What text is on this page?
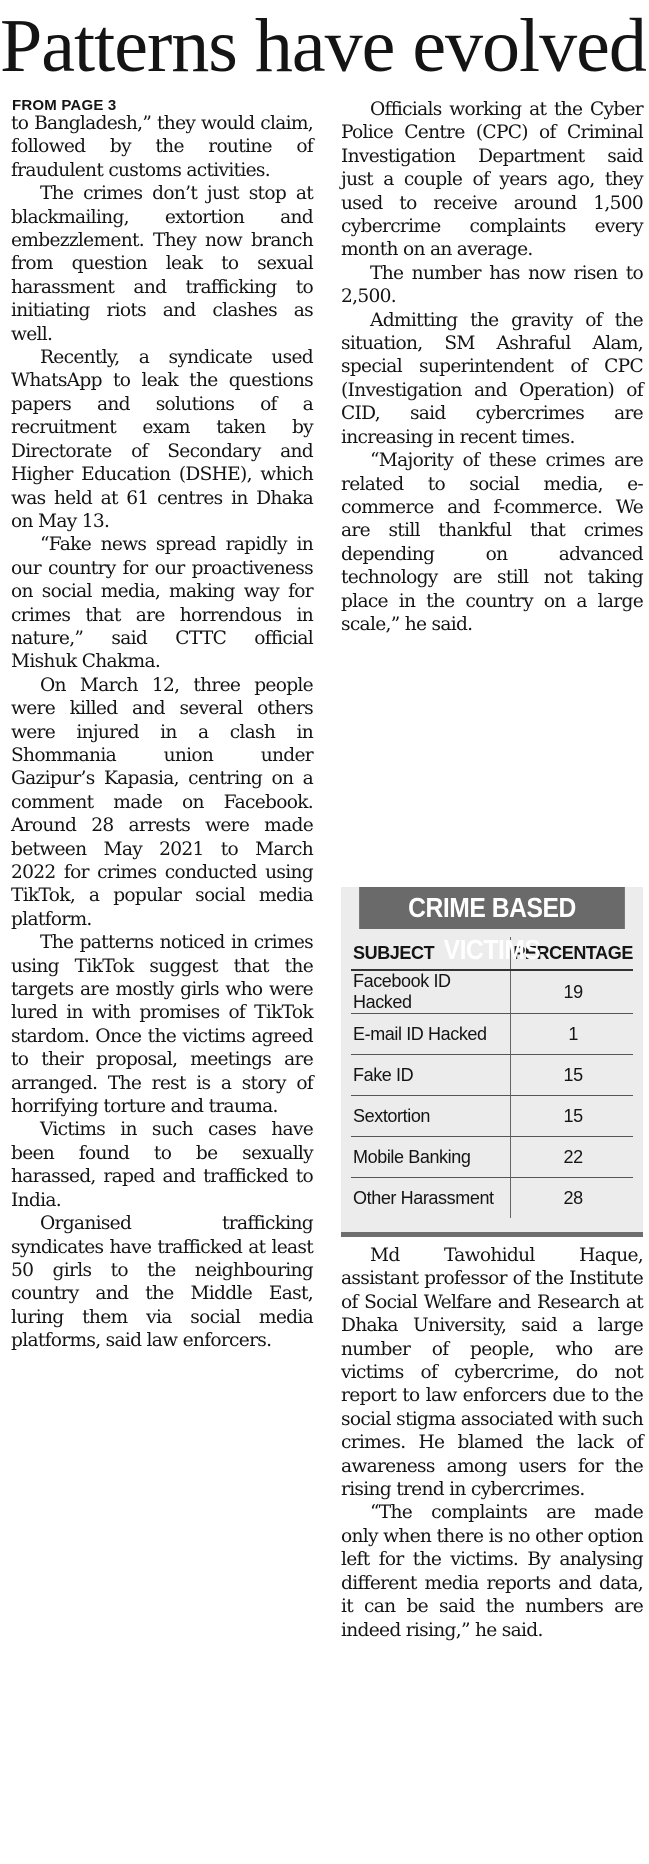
Patterns have evolved
FROM PAGE 3

to Bangladesh,” they would claim, followed by the routine of fraudulent customs activities.

The crimes don’t just stop at blackmailing, extortion and embezzlement. They now branch from question leak to sexual harassment and trafficking to initiating riots and clashes as well.

Recently, a syndicate used WhatsApp to leak the questions papers and solutions of a recruitment exam taken by Directorate of Secondary and Higher Education (DSHE), which was held at 61 centres in Dhaka on May 13.

“Fake news spread rapidly in our country for our proactiveness on social media, making way for crimes that are horrendous in nature,” said CTTC official Mishuk Chakma.

On March 12, three people were killed and several others were injured in a clash in Shommania union under Gazipur’s Kapasia, centring on a comment made on Facebook. Around 28 arrests were made between May 2021 to March 2022 for crimes conducted using TikTok, a popular social media platform.

The patterns noticed in crimes using TikTok suggest that the targets are mostly girls who were lured in with promises of TikTok stardom. Once the victims agreed to their proposal, meetings are arranged. The rest is a story of horrifying torture and trauma.

Victims in such cases have been found to be sexually harassed, raped and trafficked to India.

Organised trafficking syndicates have trafficked at least 50 girls to the neighbouring country and the Middle East, luring them via social media platforms, said law enforcers.

Officials working at the Cyber Police Centre (CPC) of Criminal Investigation Department said just a couple of years ago, they used to receive around 1,500 cybercrime complaints every month on an average.

The number has now risen to 2,500.

Admitting the gravity of the situation, SM Ashraful Alam, special superintendent of CPC (Investigation and Operation) of CID, said cybercrimes are increasing in recent times.

“Majority of these crimes are related to social media, e-commerce and f-commerce. We are still thankful that crimes depending on advanced technology are still not taking place in the country on a large scale,” he said.

CRIME BASED VICTIMS
SUBJECT	PERCENTAGE
Facebook ID Hacked	19
E-mail ID Hacked	1
Fake ID	15
Sextortion	15
Mobile Banking	22
Other Harassment	28

Md Tawohidul Haque, assistant professor of the Institute of Social Welfare and Research at Dhaka University, said a large number of people, who are victims of cybercrime, do not report to law enforcers due to the social stigma associated with such crimes. He blamed the lack of awareness among users for the rising trend in cybercrimes.

“The complaints are made only when there is no other option left for the victims. By analysing different media reports and data, it can be said the numbers are indeed rising,” he said.
